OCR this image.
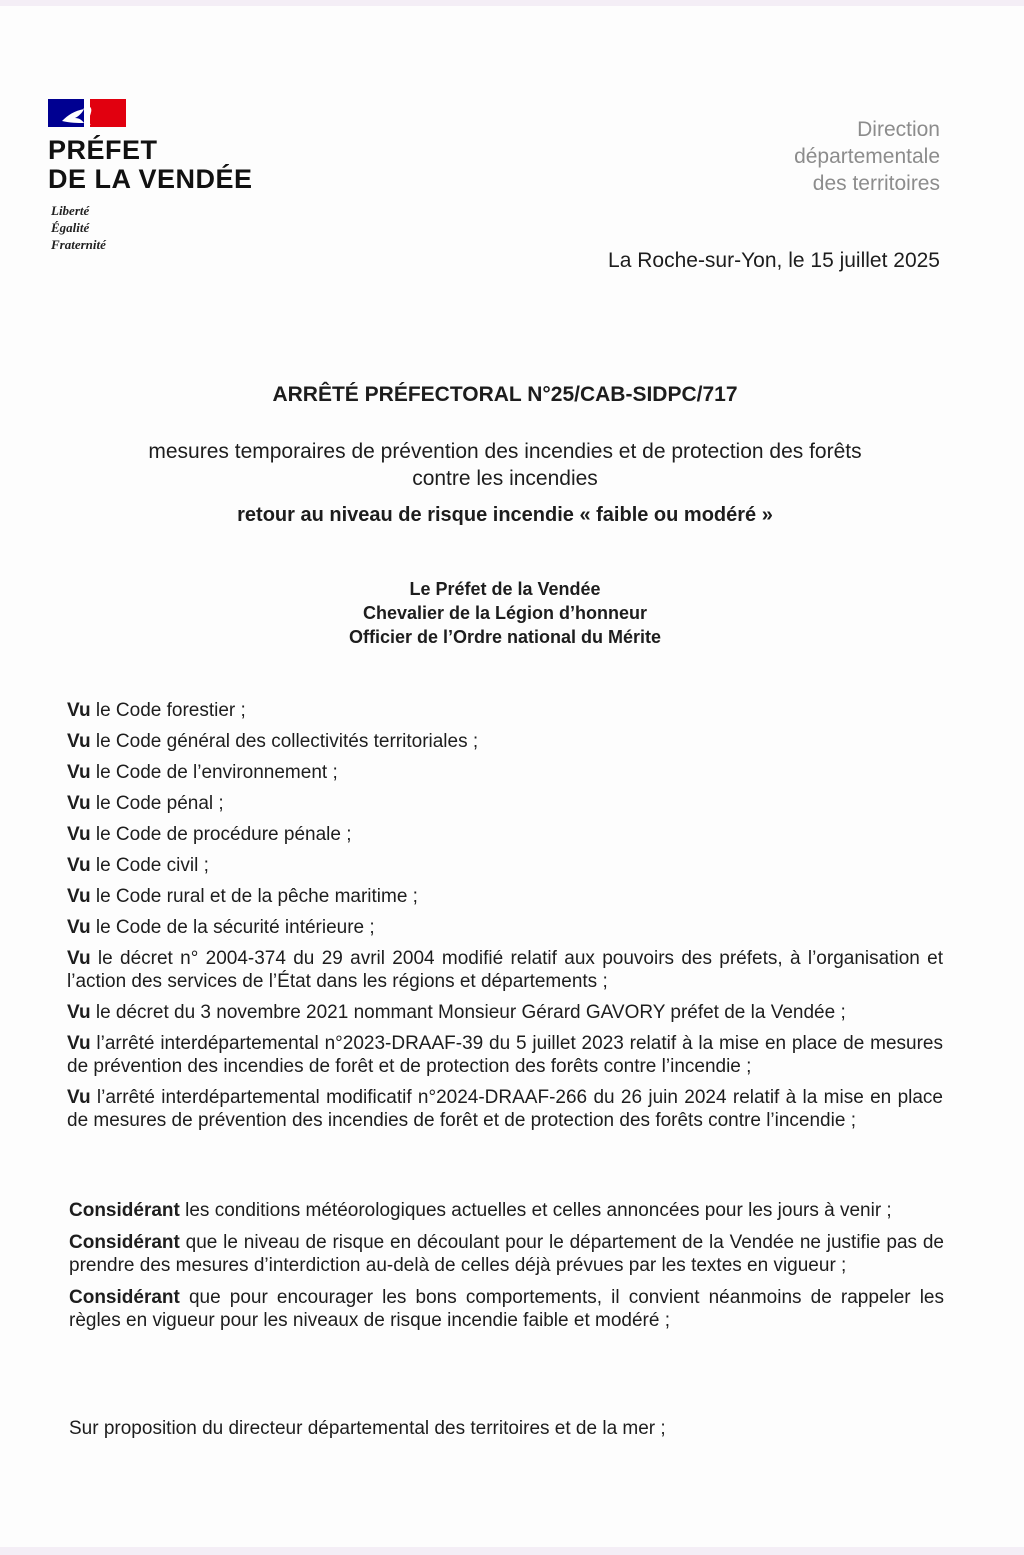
PRÉFET
DE LA VENDÉE
Liberté
Égalité
Fraternité
Direction
départementale
des territoires
La Roche-sur-Yon, le 15 juillet 2025
ARRÊTÉ PRÉFECTORAL N°25/CAB-SIDPC/717
mesures temporaires de prévention des incendies et de protection des forêts
contre les incendies
retour au niveau de risque incendie « faible ou modéré »
Le Préfet de la Vendée
Chevalier de la Légion d’honneur
Officier de l’Ordre national du Mérite

Vu le Code forestier ;

Vu le Code général des collectivités territoriales ;

Vu le Code de l’environnement ;

Vu le Code pénal ;

Vu le Code de procédure pénale ;

Vu le Code civil ;

Vu le Code rural et de la pêche maritime ;

Vu le Code de la sécurité intérieure ;

Vu le décret n° 2004-374 du 29 avril 2004 modifié relatif aux pouvoirs des préfets, à l’organisation et l’action des services de l’État dans les régions et départements ;

Vu le décret du 3 novembre 2021 nommant Monsieur Gérard GAVORY préfet de la Vendée ;

Vu l’arrêté interdépartemental n°2023-DRAAF-39 du 5 juillet 2023 relatif à la mise en place de mesures de prévention des incendies de forêt et de protection des forêts contre l’incendie ;

Vu l’arrêté interdépartemental modificatif n°2024-DRAAF-266 du 26 juin 2024 relatif à la mise en place de mesures de prévention des incendies de forêt et de protection des forêts contre l’incendie ;

Considérant les conditions météorologiques actuelles et celles annoncées pour les jours à venir ;

Considérant que le niveau de risque en découlant pour le département de la Vendée ne justifie pas de prendre des mesures d’interdiction au-delà de celles déjà prévues par les textes en vigueur ;

Considérant que pour encourager les bons comportements, il convient néanmoins de rappeler les règles en vigueur pour les niveaux de risque incendie faible et modéré ;

Sur proposition du directeur départemental des territoires et de la mer ;
